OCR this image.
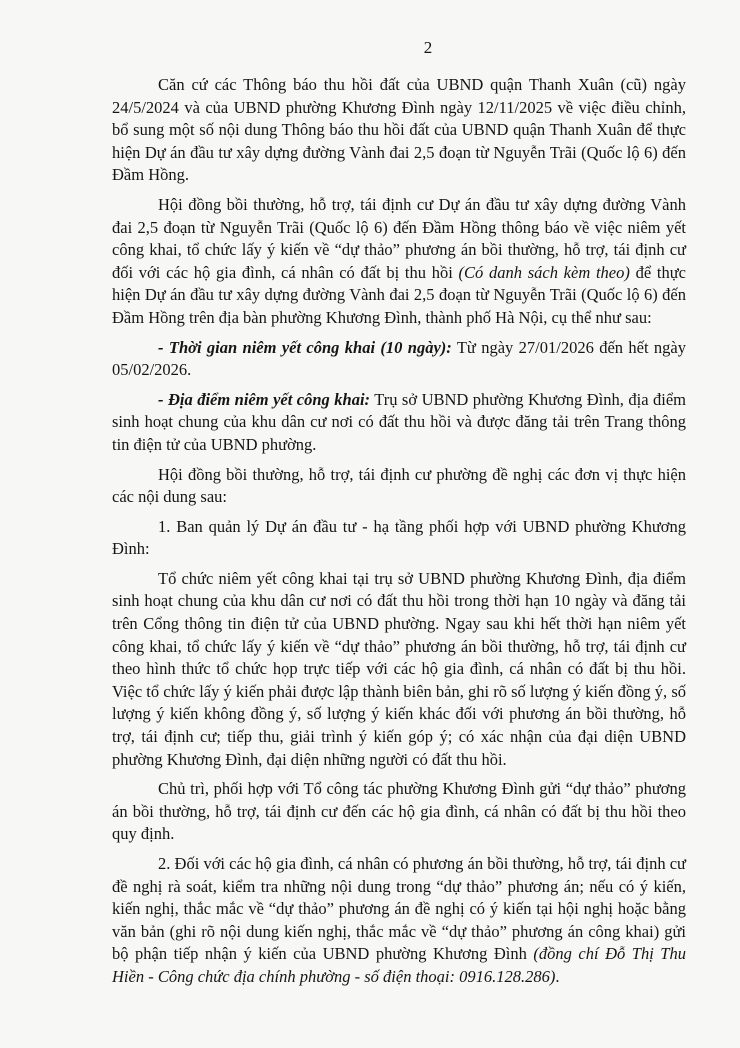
2

Căn cứ các Thông báo thu hồi đất của UBND quận Thanh Xuân (cũ) ngày 24/5/2024 và của UBND phường Khương Đình ngày 12/11/2025 về việc điều chỉnh, bổ sung một số nội dung Thông báo thu hồi đất của UBND quận Thanh Xuân để thực hiện Dự án đầu tư xây dựng đường Vành đai 2,5 đoạn từ Nguyễn Trãi (Quốc lộ 6) đến Đầm Hồng.

Hội đồng bồi thường, hỗ trợ, tái định cư Dự án đầu tư xây dựng đường Vành đai 2,5 đoạn từ Nguyễn Trãi (Quốc lộ 6) đến Đầm Hồng thông báo về việc niêm yết công khai, tổ chức lấy ý kiến về “dự thảo” phương án bồi thường, hỗ trợ, tái định cư đối với các hộ gia đình, cá nhân có đất bị thu hồi (Có danh sách kèm theo) để thực hiện Dự án đầu tư xây dựng đường Vành đai 2,5 đoạn từ Nguyễn Trãi (Quốc lộ 6) đến Đầm Hồng trên địa bàn phường Khương Đình, thành phố Hà Nội, cụ thể như sau:

- Thời gian niêm yết công khai (10 ngày): Từ ngày 27/01/2026 đến hết ngày 05/02/2026.

- Địa điểm niêm yết công khai: Trụ sở UBND phường Khương Đình, địa điểm sinh hoạt chung của khu dân cư nơi có đất thu hồi và được đăng tải trên Trang thông tin điện tử của UBND phường.

Hội đồng bồi thường, hỗ trợ, tái định cư phường đề nghị các đơn vị thực hiện các nội dung sau:

1. Ban quản lý Dự án đầu tư - hạ tầng phối hợp với UBND phường Khương Đình:

Tổ chức niêm yết công khai tại trụ sở UBND phường Khương Đình, địa điểm sinh hoạt chung của khu dân cư nơi có đất thu hồi trong thời hạn 10 ngày và đăng tải trên Cổng thông tin điện tử của UBND phường. Ngay sau khi hết thời hạn niêm yết công khai, tổ chức lấy ý kiến về “dự thảo” phương án bồi thường, hỗ trợ, tái định cư theo hình thức tổ chức họp trực tiếp với các hộ gia đình, cá nhân có đất bị thu hồi. Việc tổ chức lấy ý kiến phải được lập thành biên bản, ghi rõ số lượng ý kiến đồng ý, số lượng ý kiến không đồng ý, số lượng ý kiến khác đối với phương án bồi thường, hỗ trợ, tái định cư; tiếp thu, giải trình ý kiến góp ý; có xác nhận của đại diện UBND phường Khương Đình, đại diện những người có đất thu hồi.

Chủ trì, phối hợp với Tổ công tác phường Khương Đình gửi “dự thảo” phương án bồi thường, hỗ trợ, tái định cư đến các hộ gia đình, cá nhân có đất bị thu hồi theo quy định.

2. Đối với các hộ gia đình, cá nhân có phương án bồi thường, hỗ trợ, tái định cư đề nghị rà soát, kiểm tra những nội dung trong “dự thảo” phương án; nếu có ý kiến, kiến nghị, thắc mắc về “dự thảo” phương án đề nghị có ý kiến tại hội nghị hoặc bằng văn bản (ghi rõ nội dung kiến nghị, thắc mắc về “dự thảo” phương án công khai) gửi bộ phận tiếp nhận ý kiến của UBND phường Khương Đình (đồng chí Đỗ Thị Thu Hiền - Công chức địa chính phường - số điện thoại: 0916.128.286).
